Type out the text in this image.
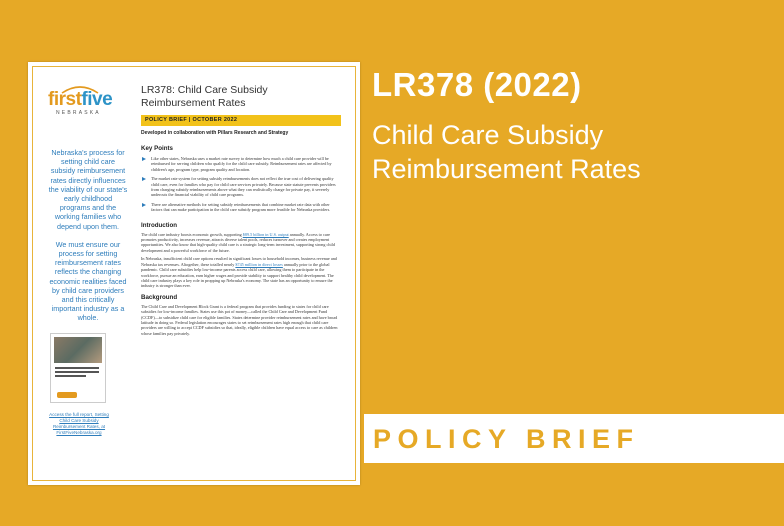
firstfive
NEBRASKA

Nebraska's process for setting child care subsidy reimbursement rates directly influences the viability of our state's early childhood programs and the working families who depend upon them.

We must ensure our process for setting reimbursement rates reflects the changing economic realities faced by child care providers and this critically important industry as a whole.

Access the full report, Setting Child Care Subsidy Reimbursement Rates, at FirstFiveNebraska.org
LR378: Child Care Subsidy Reimbursement Rates
POLICY BRIEF | OCTOBER 2022
Developed in collaboration with Pillars Research and Strategy
Key Points
Like other states, Nebraska uses a market rate survey to determine how much a child care provider will be reimbursed for serving children who qualify for the child care subsidy. Reimbursement rates are affected by children's age, program type, program quality and location.
The market rate system for setting subsidy reimbursements does not reflect the true cost of delivering quality child care, even for families who pay for child care services privately. Because state statute prevents providers from charging subsidy reimbursements above what they can realistically charge for private pay, it severely undercuts the financial viability of child care programs.
There are alternative methods for setting subsidy reimbursements that combine market rate data with other factors that can make participation in the child care subsidy program more feasible for Nebraska providers.
Introduction
The child care industry boosts economic growth, supporting $89.5 billion in U.S. output annually. Access to care promotes productivity, increases revenue, attracts diverse talent pools, reduces turnover and creates employment opportunities. We also know that high-quality child care is a strategic long-term investment, supporting strong child development and a powerful workforce of the future.
In Nebraska, insufficient child care options resulted in significant losses to household incomes, business revenue and Nebraska tax revenues. Altogether, these totalled nearly $745 million in direct losses annually prior to the global pandemic. Child care subsidies help low-income parents access child care, allowing them to participate in the workforce, pursue an education, earn higher wages and provide stability to support healthy child development. The child care industry plays a key role in propping up Nebraska's economy. The state has an opportunity to ensure the industry is stronger than ever.
Background
The Child Care and Development Block Grant is a federal program that provides funding to states for child care subsidies for low-income families. States use this pot of money—called the Child Care and Development Fund (CCDF)—to subsidize child care for eligible families. States determine provider reimbursement rates and have broad latitude in doing so. Federal legislation encourages states to set reimbursement rates high enough that child care providers are willing to accept CCDF subsidies so that, ideally, eligible children have equal access to care as children whose families pay privately.
LR378 (2022)
Child Care Subsidy Reimbursement Rates
POLICY BRIEF
